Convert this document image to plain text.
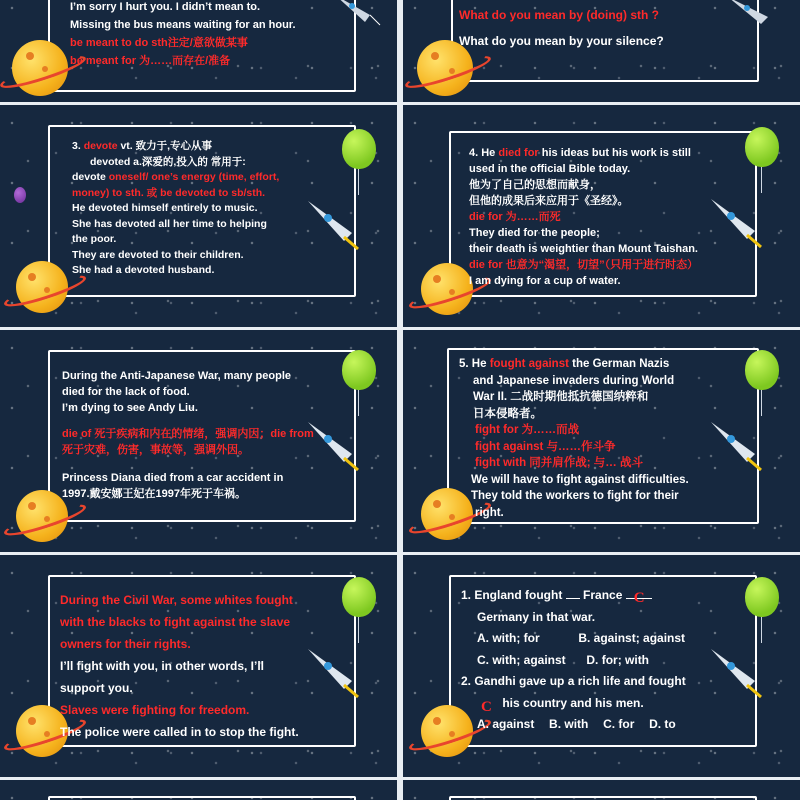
I’m sorry I hurt you. I didn’t mean to.
Missing the bus means waiting for an hour.
be meant to do sth注定/意欲做某事
be meant for 为……而存在/准备
What do you mean by (doing) sth ?
What do you mean by your silence?
3. devote vt. 致力于,专心从事
devoted a.深爱的,投入的 常用于:
devote oneself/ one’s energy (time, effort,
money) to sth. 或 be devoted to sb/sth.
He devoted himself entirely to music.
She has devoted all her time to helping
the poor.
They are devoted to their children.
She had a devoted husband.
4. He died for his ideas but his work is still
used in the official Bible today.
他为了自己的思想而献身，
但他的成果后来应用于《圣经》。
die for 为……而死
They died for the people;
their death is weightier than Mount Taishan.
die for 也意为“渴望，切望”（只用于进行时态）
I am dying for a cup of water.
During the Anti-Japanese War, many people
died for the lack of food.
I’m dying to see Andy Liu.
die of 死于疾病和内在的情绪，强调内因；die from
死于灾难，伤害，事故等，强调外因。
Princess Diana died from a car accident in
1997.戴安娜王妃在1997年死于车祸。
5. He fought against the German Nazis
and Japanese invaders during World
War II. 二战时期他抵抗德国纳粹和
日本侵略者。
fight for 为……而战
fight against 与……作斗争
fight with 同并肩作战; 与… 战斗
We will have to fight against difficulties.
They told the workers to fight for their
right.
During the Civil War, some whites fought
with the blacks to fight against the slave
owners for their rights.
I’ll fight with you, in other words, I’ll
support you.
Slaves were fighting for freedom.
The police were called in to stop the fight.
1. England fought France C
Germany in that war.
A. with; for	B. against; against
C. with; against D. for; with
2. Gandhi gave up a rich life and fought
C his country and his men.
A. against B. with C. for D. to
